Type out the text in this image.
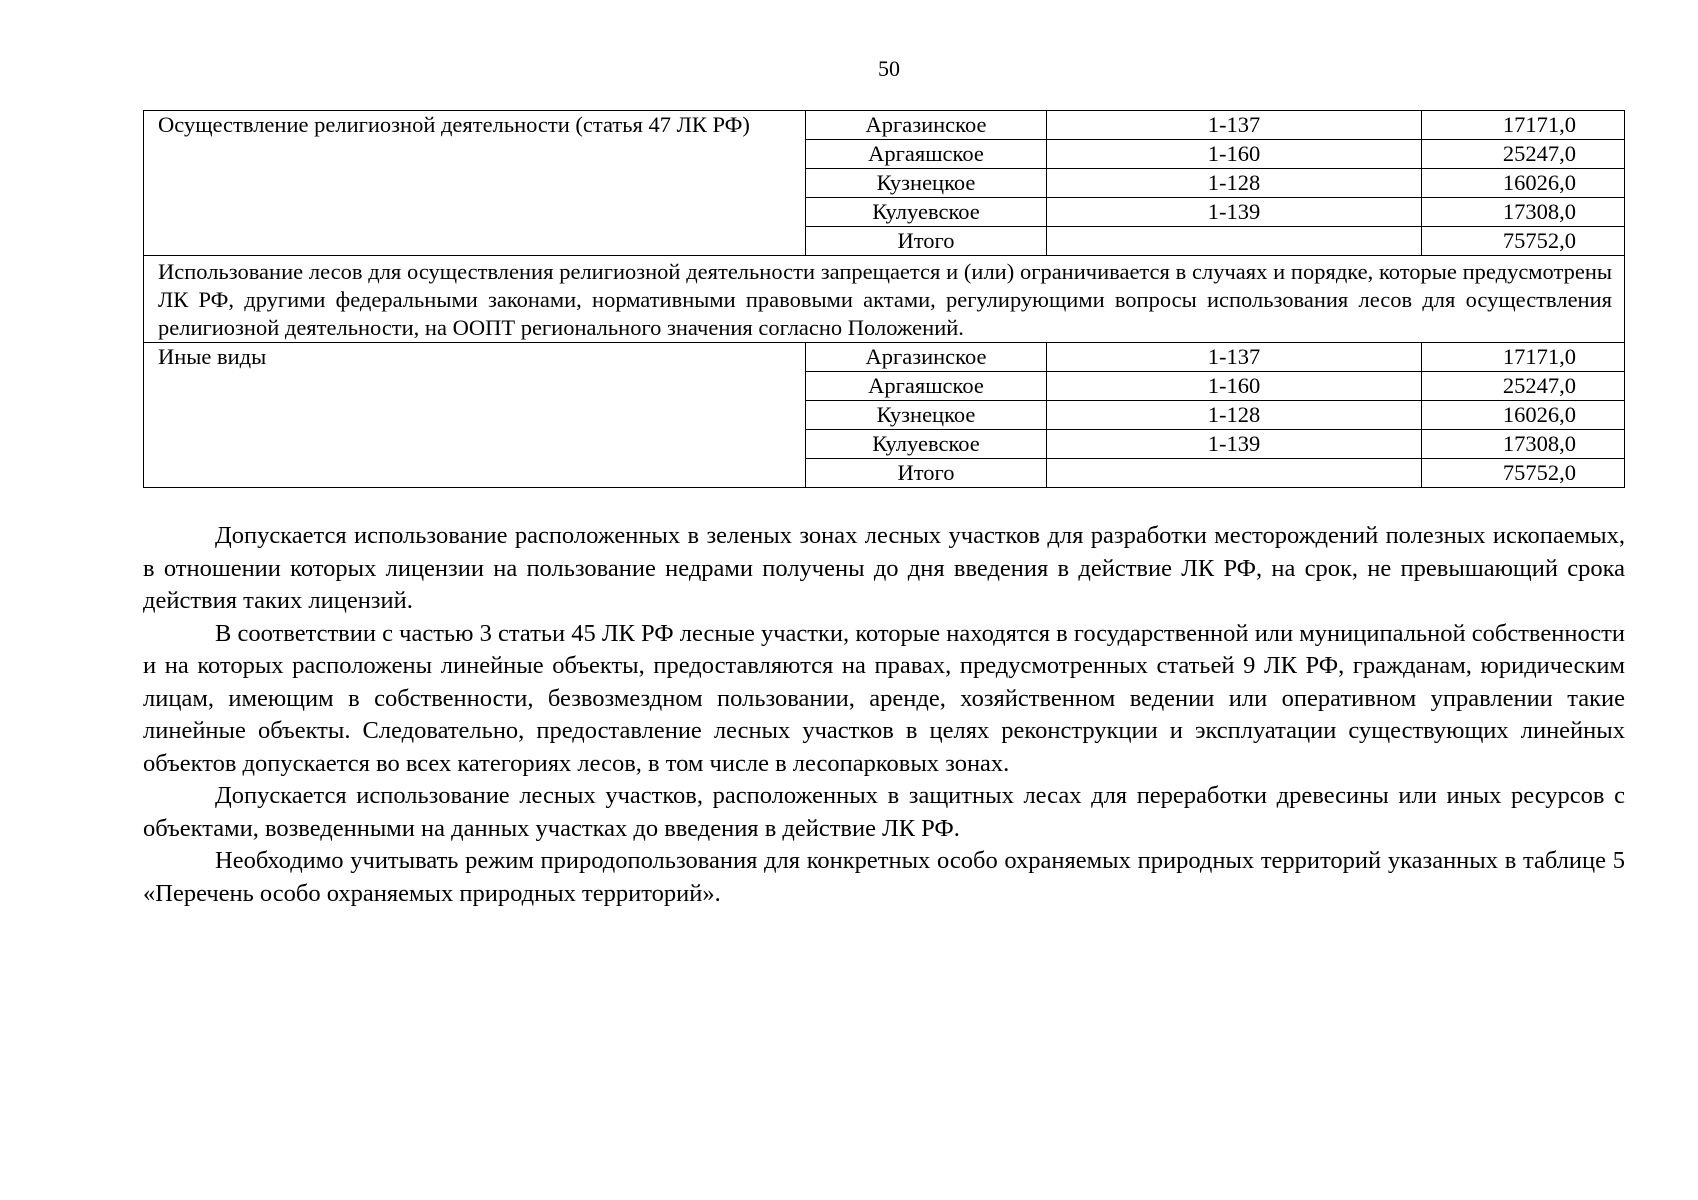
50
Осуществление религиозной деятельности (статья 47 ЛК РФ)	Аргазинское	1-137	17171,0
	Аргаяшское	1-160	25247,0
	Кузнецкое	1-128	16026,0
	Кулуевское	1-139	17308,0
	Итого		75752,0
Использование лесов для осуществления религиозной деятельности запрещается и (или) ограничивается в случаях и порядке, которые предусмотрены ЛК РФ, другими федеральными законами, нормативными правовыми актами, регулирующими вопросы использования лесов для осуществления религиозной деятельности, на ООПТ регионального значения согласно Положений.			
Иные виды	Аргазинское	1-137	17171,0
	Аргаяшское	1-160	25247,0
	Кузнецкое	1-128	16026,0
	Кулуевское	1-139	17308,0
	Итого		75752,0

Допускается использование расположенных в зеленых зонах лесных участков для разработки месторождений полезных ископаемых, в отношении которых лицензии на пользование недрами получены до дня введения в действие ЛК РФ, на срок, не превышающий срока действия таких лицензий.

В соответствии с частью 3 статьи 45 ЛК РФ лесные участки, которые находятся в государственной или муниципальной собственности и на которых расположены линейные объекты, предоставляются на правах, предусмотренных статьей 9 ЛК РФ, гражданам, юридическим лицам, имеющим в собственности, безвозмездном пользовании, аренде, хозяйственном ведении или оперативном управлении такие линейные объекты. Следовательно, предоставление лесных участков в целях реконструкции и эксплуатации существующих линейных объектов допускается во всех категориях лесов, в том числе в лесопарковых зонах.

Допускается использование лесных участков, расположенных в защитных лесах для переработки древесины или иных ресурсов с объектами, возведенными на данных участках до введения в действие ЛК РФ.

Необходимо учитывать режим природопользования для конкретных особо охраняемых природных территорий указанных в таблице 5 «Перечень особо охраняемых природных территорий».
